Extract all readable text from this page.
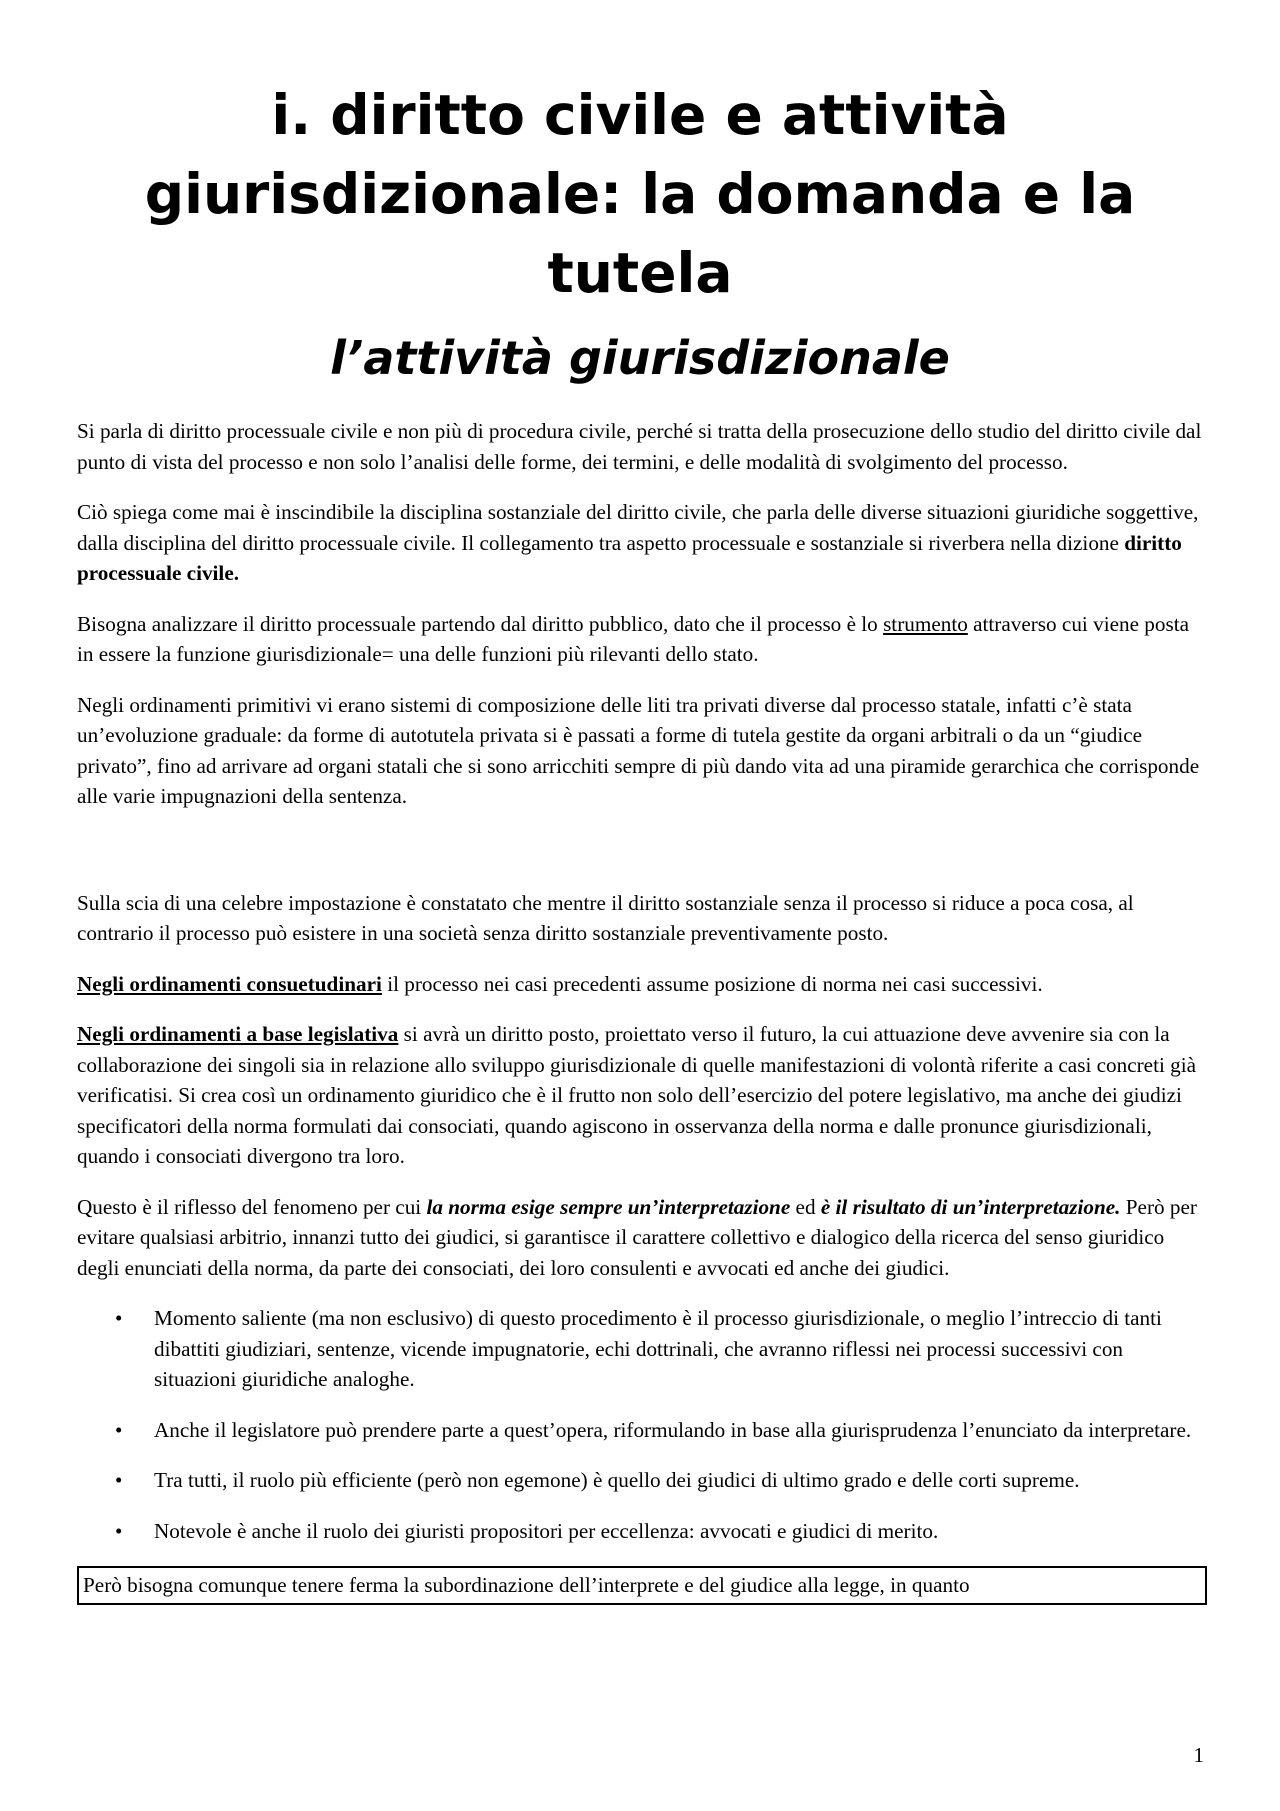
i. diritto civile e attività giurisdizionale: la domanda e la tutela
l’attività giurisdizionale

Si parla di diritto processuale civile e non più di procedura civile, perché si tratta della prosecuzione dello studio del diritto civile dal punto di vista del processo e non solo l’analisi delle forme, dei termini, e delle modalità di svolgimento del processo.

Ciò spiega come mai è inscindibile la disciplina sostanziale del diritto civile, che parla delle diverse situazioni giuridiche soggettive, dalla disciplina del diritto processuale civile. Il collegamento tra aspetto processuale e sostanziale si riverbera nella dizione diritto processuale civile.

Bisogna analizzare il diritto processuale partendo dal diritto pubblico, dato che il processo è lo strumento attraverso cui viene posta in essere la funzione giurisdizionale= una delle funzioni più rilevanti dello stato.

Negli ordinamenti primitivi vi erano sistemi di composizione delle liti tra privati diverse dal processo statale, infatti c’è stata un’evoluzione graduale: da forme di autotutela privata si è passati a forme di tutela gestite da organi arbitrali o da un “giudice privato”, fino ad arrivare ad organi statali che si sono arricchiti sempre di più dando vita ad una piramide gerarchica che corrisponde alle varie impugnazioni della sentenza.

Sulla scia di una celebre impostazione è constatato che mentre il diritto sostanziale senza il processo si riduce a poca cosa, al contrario il processo può esistere in una società senza diritto sostanziale preventivamente posto.

Negli ordinamenti consuetudinari il processo nei casi precedenti assume posizione di norma nei casi successivi.

Negli ordinamenti a base legislativa si avrà un diritto posto, proiettato verso il futuro, la cui attuazione deve avvenire sia con la collaborazione dei singoli sia in relazione allo sviluppo giurisdizionale di quelle manifestazioni di volontà riferite a casi concreti già verificatisi. Si crea così un ordinamento giuridico che è il frutto non solo dell’esercizio del potere legislativo, ma anche dei giudizi specificatori della norma formulati dai consociati, quando agiscono in osservanza della norma e dalle pronunce giurisdizionali, quando i consociati divergono tra loro.

Questo è il riflesso del fenomeno per cui la norma esige sempre un’interpretazione ed è il risultato di un’interpretazione. Però per evitare qualsiasi arbitrio, innanzi tutto dei giudici, si garantisce il carattere collettivo e dialogico della ricerca del senso giuridico degli enunciati della norma, da parte dei consociati, dei loro consulenti e avvocati ed anche dei giudici.

• Momento saliente (ma non esclusivo) di questo procedimento è il processo giurisdizionale, o meglio l’intreccio di tanti dibattiti giudiziari, sentenze, vicende impugnatorie, echi dottrinali, che avranno riflessi nei processi successivi con situazioni giuridiche analoghe.
• Anche il legislatore può prendere parte a quest’opera, riformulando in base alla giurisprudenza l’enunciato da interpretare.
• Tra tutti, il ruolo più efficiente (però non egemone) è quello dei giudici di ultimo grado e delle corti supreme.
• Notevole è anche il ruolo dei giuristi propositori per eccellenza: avvocati e giudici di merito.
Però bisogna comunque tenere ferma la subordinazione dell’interprete e del giudice alla legge, in quanto
1
